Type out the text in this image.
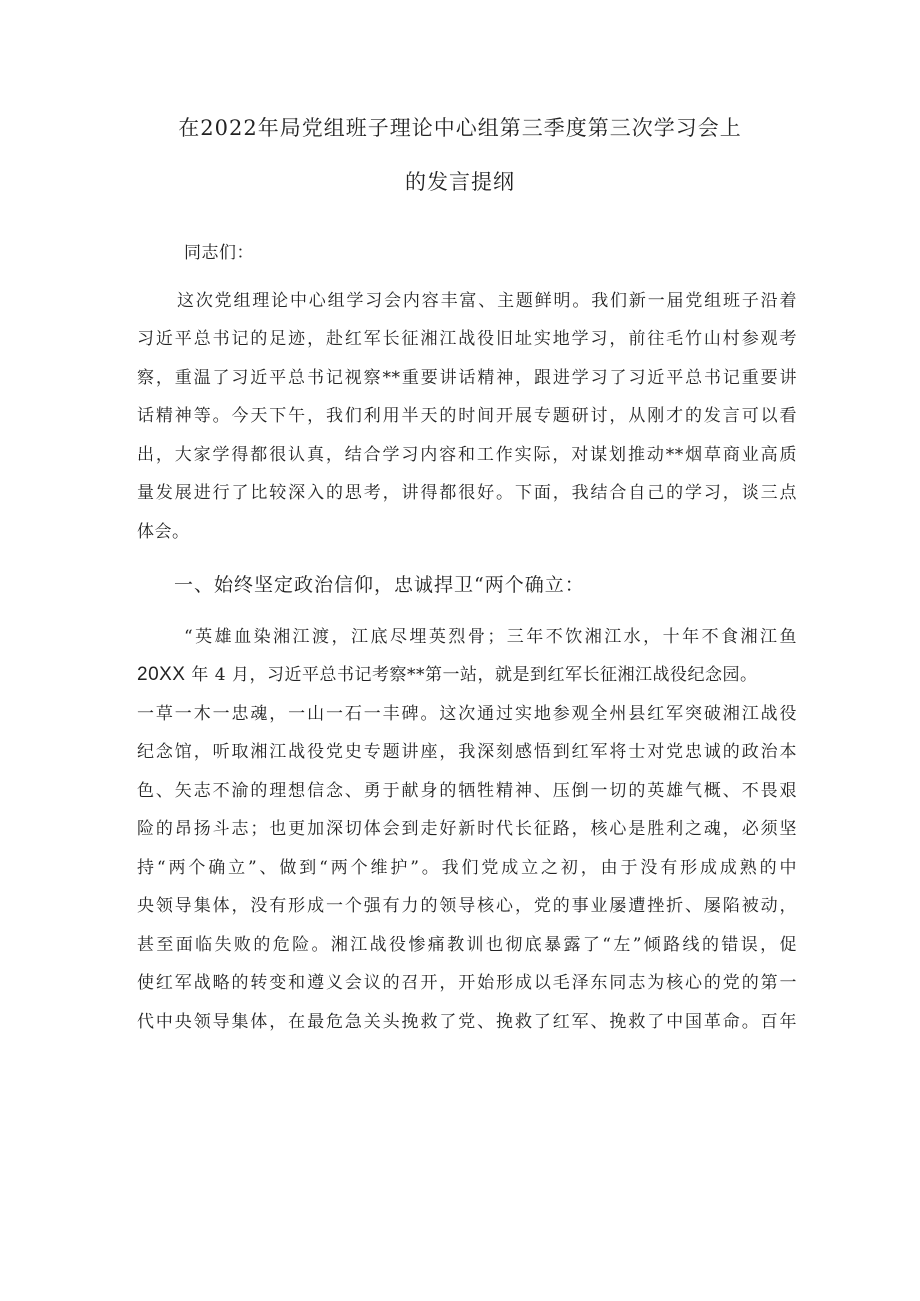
在2022年局党组班子理论中心组第三季度第三次学习会上
的发言提纲
同志们：
这次党组理论中心组学习会内容丰富、主题鲜明。我们新一届党组班子沿着
习近平总书记的足迹，赴红军长征湘江战役旧址实地学习，前往毛竹山村参观考
察，重温了习近平总书记视察**重要讲话精神，跟进学习了习近平总书记重要讲
话精神等。今天下午，我们利用半天的时间开展专题研讨，从刚才的发言可以看
出，大家学得都很认真，结合学习内容和工作实际，对谋划推动**烟草商业高质
量发展进行了比较深入的思考，讲得都很好。下面，我结合自己的学习，谈三点
体会。
一、始终坚定政治信仰，忠诚捍卫“两个确立：
“英雄血染湘江渡，江底尽埋英烈骨；三年不饮湘江水，十年不食湘江鱼
20XX 年 4 月，习近平总书记考察**第一站，就是到红军长征湘江战役纪念园。
一草一木一忠魂，一山一石一丰碑。这次通过实地参观全州县红军突破湘江战役
纪念馆，听取湘江战役党史专题讲座，我深刻感悟到红军将士对党忠诚的政治本
色、矢志不渝的理想信念、勇于献身的牺牲精神、压倒一切的英雄气概、不畏艰
险的昂扬斗志；也更加深切体会到走好新时代长征路，核心是胜利之魂，必须坚
持“两个确立”、做到“两个维护”。我们党成立之初，由于没有形成成熟的中
央领导集体，没有形成一个强有力的领导核心，党的事业屡遭挫折、屡陷被动，
甚至面临失败的危险。湘江战役惨痛教训也彻底暴露了“左”倾路线的错误，促
使红军战略的转变和遵义会议的召开，开始形成以毛泽东同志为核心的党的第一
代中央领导集体，在最危急关头挽救了党、挽救了红军、挽救了中国革命。百年
